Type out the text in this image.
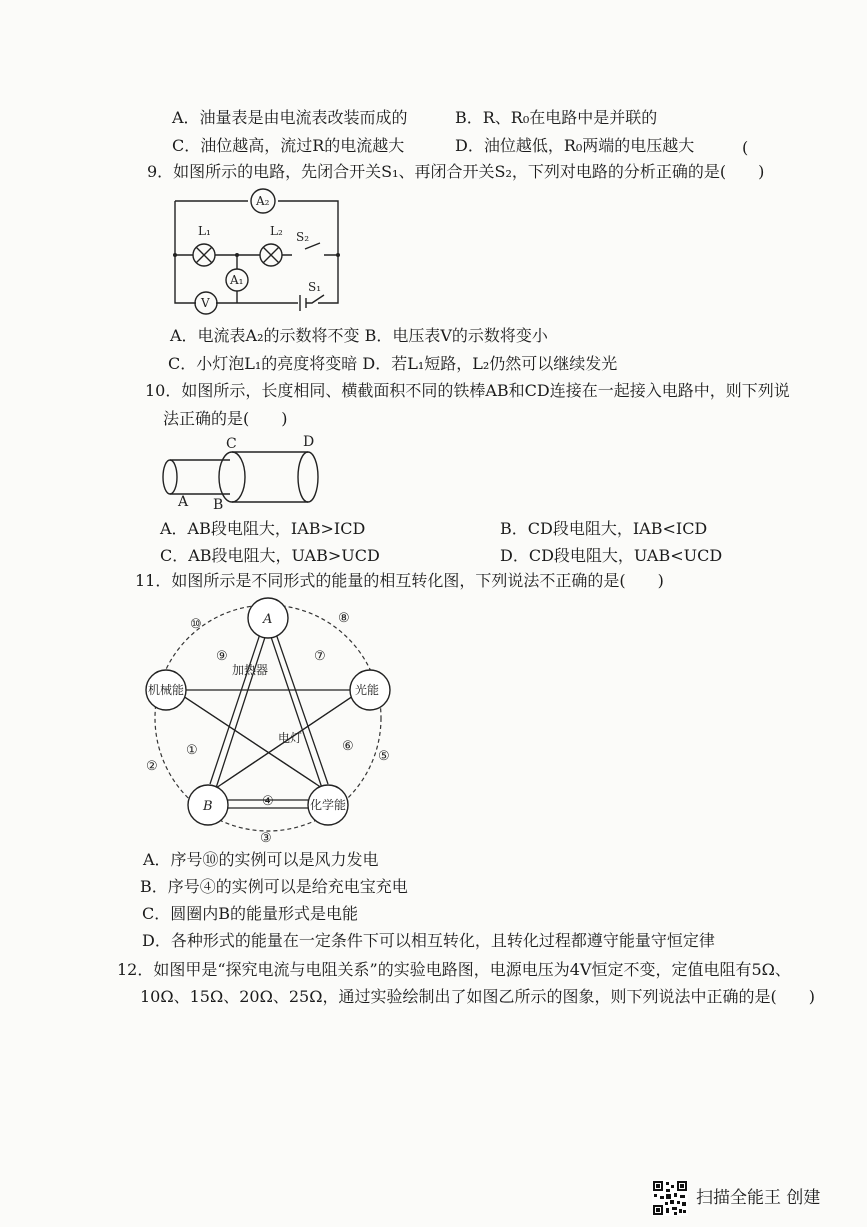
A．油量表是由电流表改装而成的	B．R、R₀在电路中是并联的
C．油位越高，流过R的电流越大	D．油位越低，R₀两端的电压越大	(
9．如图所示的电路，先闭合开关S₁、再闭合开关S₂，下列对电路的分析正确的是(　　)
A₂
A₁
V
L₁	L₂ S₂
S₁
A．电流表A₂的示数将不变 B．电压表V的示数将变小
C．小灯泡L₁的亮度将变暗 D．若L₁短路，L₂仍然可以继续发光
10．如图所示，长度相同、横截面积不同的铁棒AB和CD连接在一起接入电路中，则下列说
法正确的是(　　)
A B
C	D
A．AB段电阻大，IAB>ICD	B．CD段电阻大，IAB<ICD
C．AB段电阻大，UAB>UCD	D．CD段电阻大，UAB<UCD
11．如图所示是不同形式的能量的相互转化图，下列说法不正确的是(　　)
A
光能
机械能
B	化学能
加热器
电灯
①
②
③
④
⑤
⑥
⑦
⑧
⑨
⑩
A．序号⑩的实例可以是风力发电
B．序号④的实例可以是给充电宝充电
C．圆圈内B的能量形式是电能
D．各种形式的能量在一定条件下可以相互转化，且转化过程都遵守能量守恒定律
12．如图甲是“探究电流与电阻关系”的实验电路图，电源电压为4V恒定不变，定值电阻有5Ω、
10Ω、15Ω、20Ω、25Ω，通过实验绘制出了如图乙所示的图象，则下列说法中正确的是(　　)
扫描全能王 创建
